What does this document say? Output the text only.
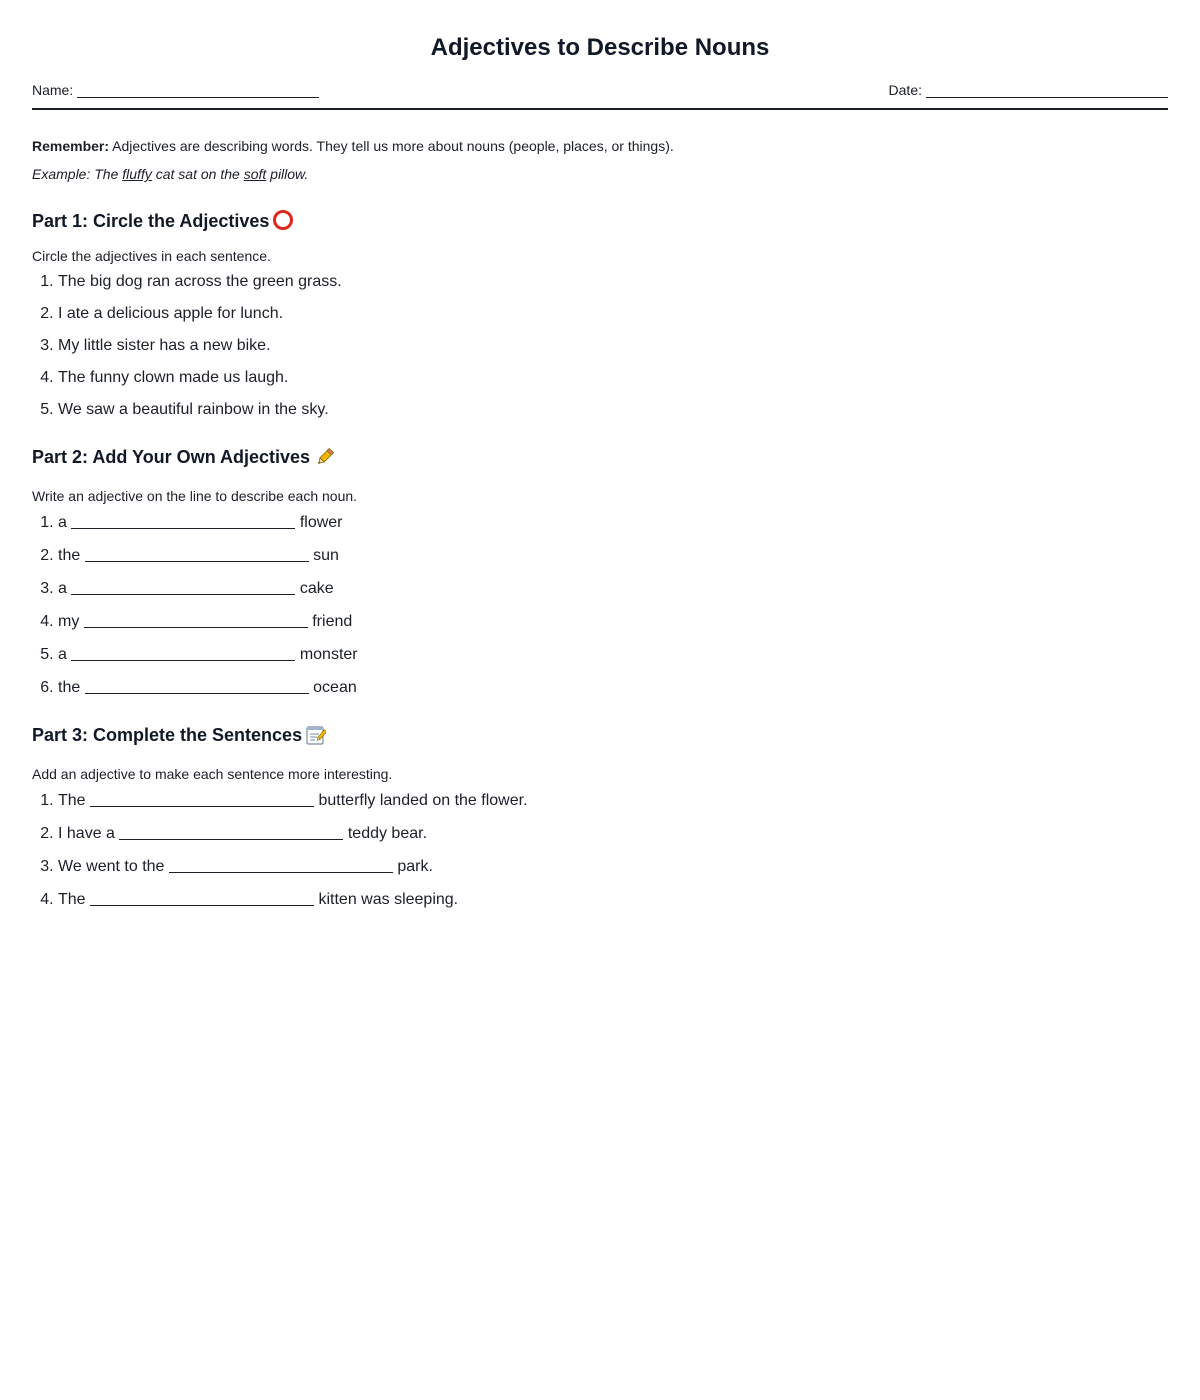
Adjectives to Describe Nouns
Name:	Date:

Remember: Adjectives are describing words. They tell us more about nouns (people, places, or things).

Example: The fluffy cat sat on the soft pillow.

Part 1: Circle the Adjectives

Circle the adjectives in each sentence.

1. The big dog ran across the green grass.
2. I ate a delicious apple for lunch.
3. My little sister has a new bike.
4. The funny clown made us laugh.
5. We saw a beautiful rainbow in the sky.
Part 2: Add Your Own Adjectives

Write an adjective on the line to describe each noun.

1. a	flower
2. the	sun
3. a	cake
4. my	friend
5. a	monster
6. the	ocean
Part 3: Complete the Sentences

Add an adjective to make each sentence more interesting.

1. The	butterfly landed on the flower.
2. I have a	teddy bear.
3. We went to the	park.
4. The	kitten was sleeping.
